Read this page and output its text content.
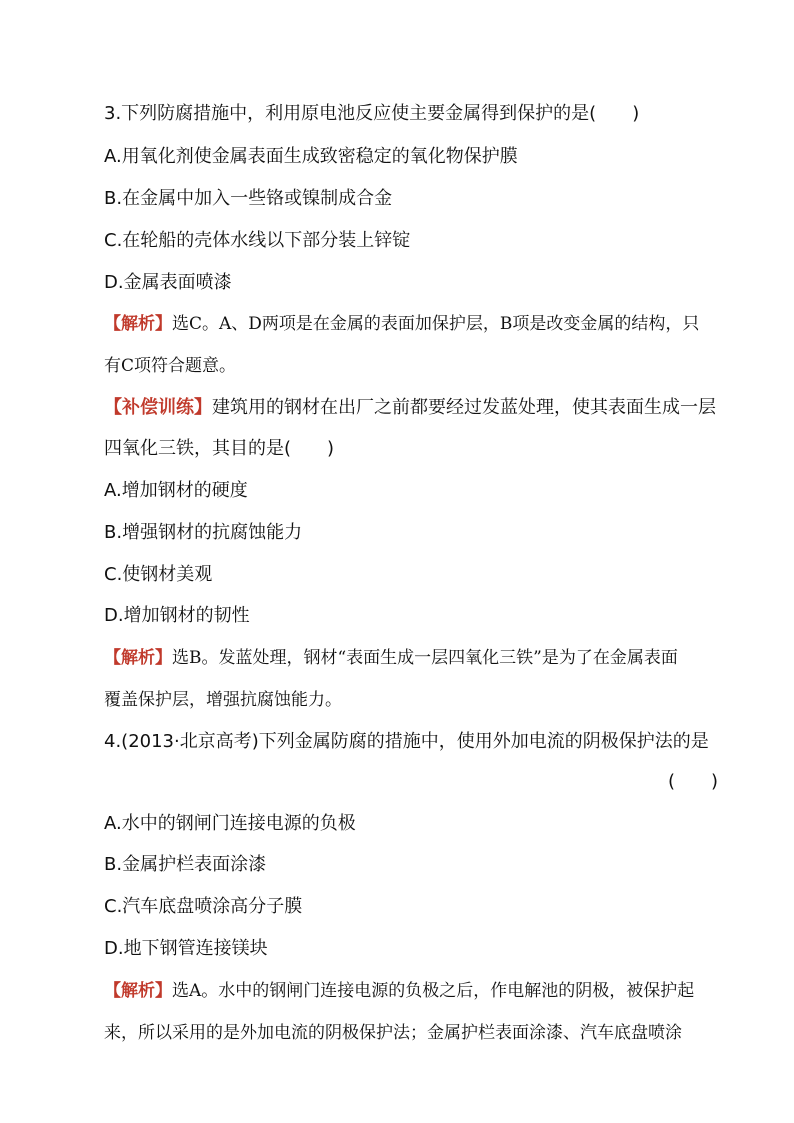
3.下列防腐措施中，利用原电池反应使主要金属得到保护的是(　　)
A.用氧化剂使金属表面生成致密稳定的氧化物保护膜
B.在金属中加入一些铬或镍制成合金
C.在轮船的壳体水线以下部分装上锌锭
D.金属表面喷漆
【解析】选C。A、D两项是在金属的表面加保护层，B项是改变金属的结构，只
有C项符合题意。
【补偿训练】建筑用的钢材在出厂之前都要经过发蓝处理，使其表面生成一层
四氧化三铁，其目的是(　　)
A.增加钢材的硬度
B.增强钢材的抗腐蚀能力
C.使钢材美观
D.增加钢材的韧性
【解析】选B。发蓝处理，钢材“表面生成一层四氧化三铁”是为了在金属表面
覆盖保护层，增强抗腐蚀能力。
4.(2013·北京高考)下列金属防腐的措施中，使用外加电流的阴极保护法的是
(　　)
A.水中的钢闸门连接电源的负极
B.金属护栏表面涂漆
C.汽车底盘喷涂高分子膜
D.地下钢管连接镁块
【解析】选A。水中的钢闸门连接电源的负极之后，作电解池的阴极，被保护起
来，所以采用的是外加电流的阴极保护法；金属护栏表面涂漆、汽车底盘喷涂
